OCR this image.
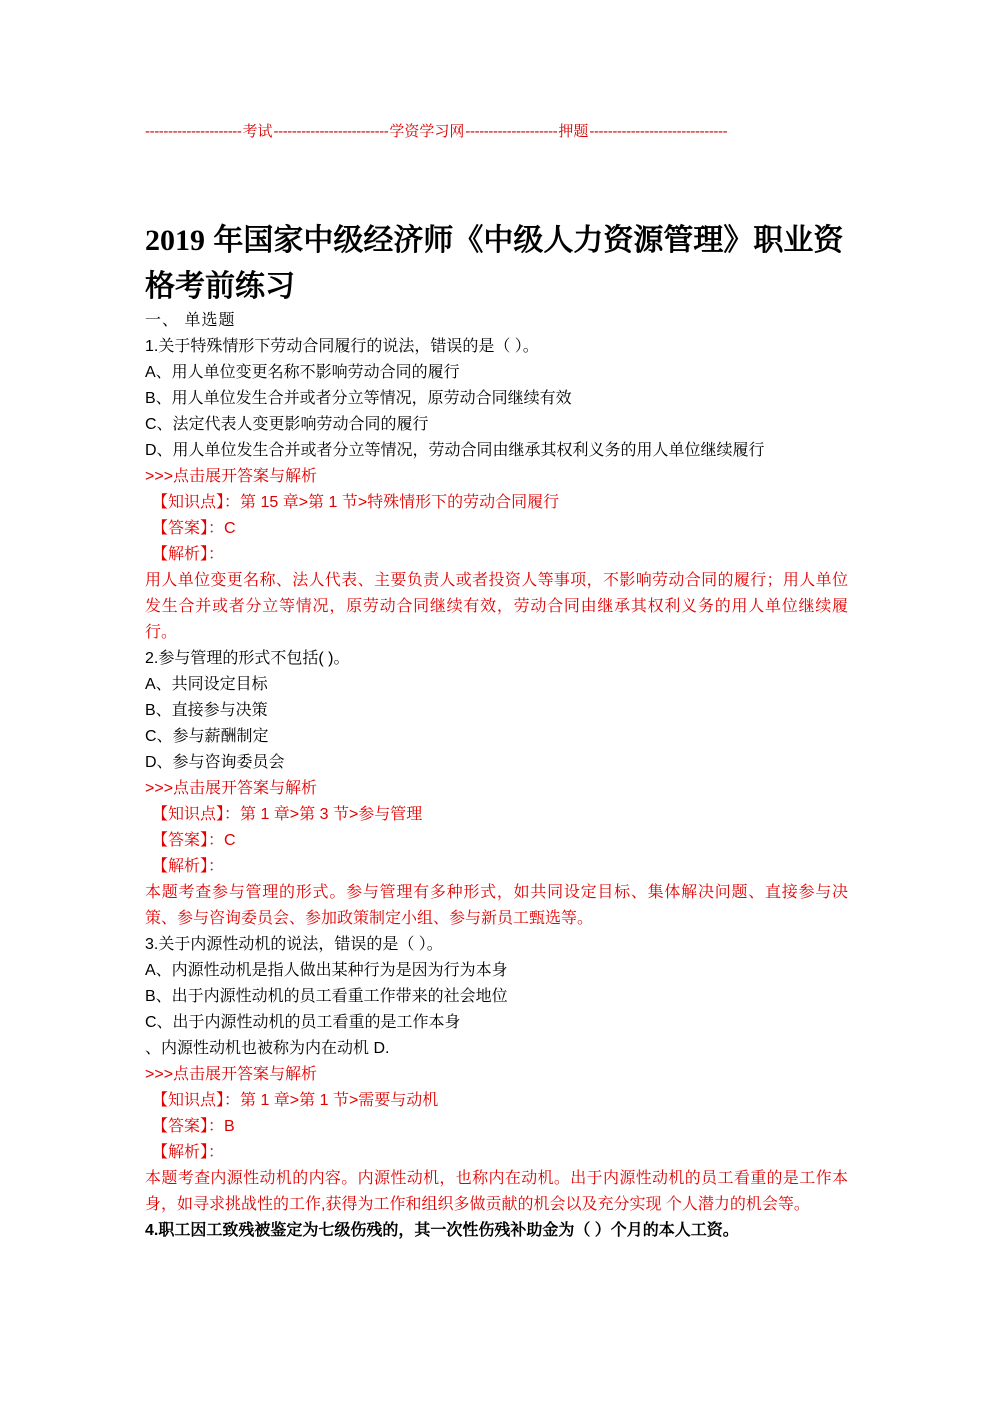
---------------------考试-------------------------学资学习网--------------------押题------------------------------
2019 年国家中级经济师《中级人力资源管理》职业资格考前练习
一、 单选题
1.关于特殊情形下劳动合同履行的说法，错误的是（ ）。
A、用人单位变更名称不影响劳动合同的履行
B、用人单位发生合并或者分立等情况，原劳动合同继续有效
C、法定代表人变更影响劳动合同的履行
D、用人单位发生合并或者分立等情况，劳动合同由继承其权利义务的用人单位继续履行
>>>点击展开答案与解析
【知识点】：第 15 章>第 1 节>特殊情形下的劳动合同履行
【答案】：C
【解析】：
用人单位变更名称、法人代表、主要负责人或者投资人等事项，不影响劳动合同的履行；用人单位发生合并或者分立等情况，原劳动合同继续有效，劳动合同由继承其权利义务的用人单位继续履行。
2.参与管理的形式不包括( )。
A、共同设定目标
B、直接参与决策
C、参与薪酬制定
D、参与咨询委员会
>>>点击展开答案与解析
【知识点】：第 1 章>第 3 节>参与管理
【答案】：C
【解析】：
本题考查参与管理的形式。参与管理有多种形式，如共同设定目标、集体解决问题、直接参与决策、参与咨询委员会、参加政策制定小组、参与新员工甄选等。
3.关于内源性动机的说法，错误的是（ ）。
A、内源性动机是指人做出某种行为是因为行为本身
B、出于内源性动机的员工看重工作带来的社会地位
C、出于内源性动机的员工看重的是工作本身
、内源性动机也被称为内在动机 D.
>>>点击展开答案与解析
【知识点】：第 1 章>第 1 节>需要与动机
【答案】：B
【解析】：
本题考查内源性动机的内容。内源性动机，也称内在动机。出于内源性动机的员工看重的是工作本身，如寻求挑战性的工作,获得为工作和组织多做贡献的机会以及充分实现 个人潜力的机会等。
4.职工因工致残被鉴定为七级伤残的，其一次性伤残补助金为（ ）个月的本人工资。
